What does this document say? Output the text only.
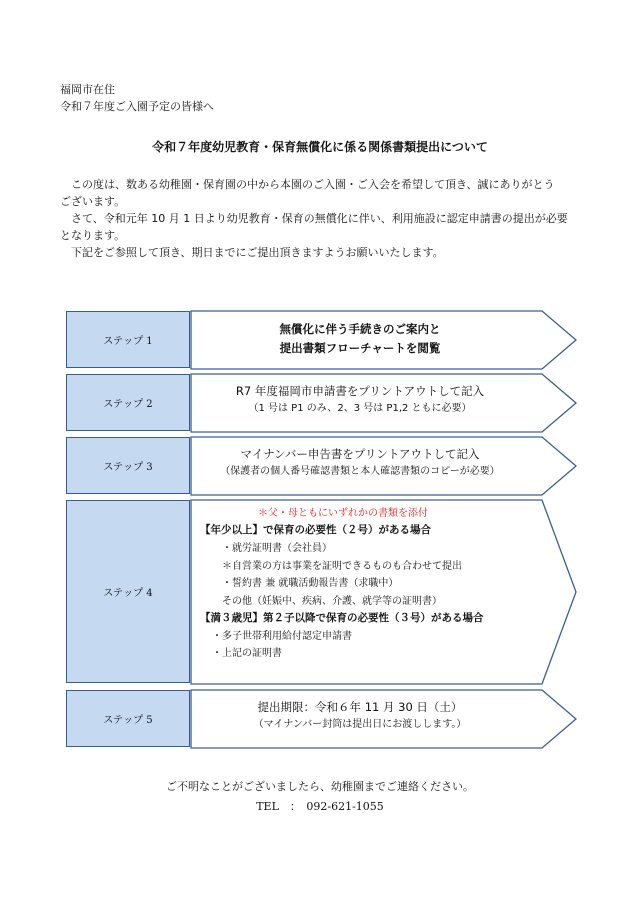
福岡市在住
令和７年度ご入園予定の皆様へ
令和７年度幼児教育・保育無償化に係る関係書類提出について
　この度は、数ある幼稚園・保育園の中から本園のご入園・ご入会を希望して頂き、誠にありがとう
ございます。
　さて、令和元年 10 月 1 日より幼児教育・保育の無償化に伴い、利用施設に認定申請書の提出が必要
となります。
　下記をご参照して頂き、期日までにご提出頂きますようお願いいたします。
ステップ 1
無償化に伴う手続きのご案内と
提出書類フローチャートを閲覧
ステップ 2
R7 年度福岡市申請書をプリントアウトして記入
（1 号は P1 のみ、2、3 号は P1,2 ともに必要）
ステップ 3
マイナンバー申告書をプリントアウトして記入
（保護者の個人番号確認書類と本人確認書類のコピーが必要）
ステップ 4
＊父・母ともにいずれかの書類を添付
【年少以上】で保育の必要性（２号）がある場合
・就労証明書（会社員）
＊自営業の方は事業を証明できるものも合わせて提出
・誓約書 兼 就職活動報告書（求職中）
その他（妊娠中、疾病、介護、就学等の証明書）
【満３歳児】第２子以降で保育の必要性（３号）がある場合
・多子世帯利用給付認定申請書
・上記の証明書
ステップ 5
提出期限：令和６年 11 月 30 日（土）
（マイナンバー封筒は提出日にお渡しします。）
ご不明なことがございましたら、幼稚園までご連絡ください。
TEL　：　092-621-1055
